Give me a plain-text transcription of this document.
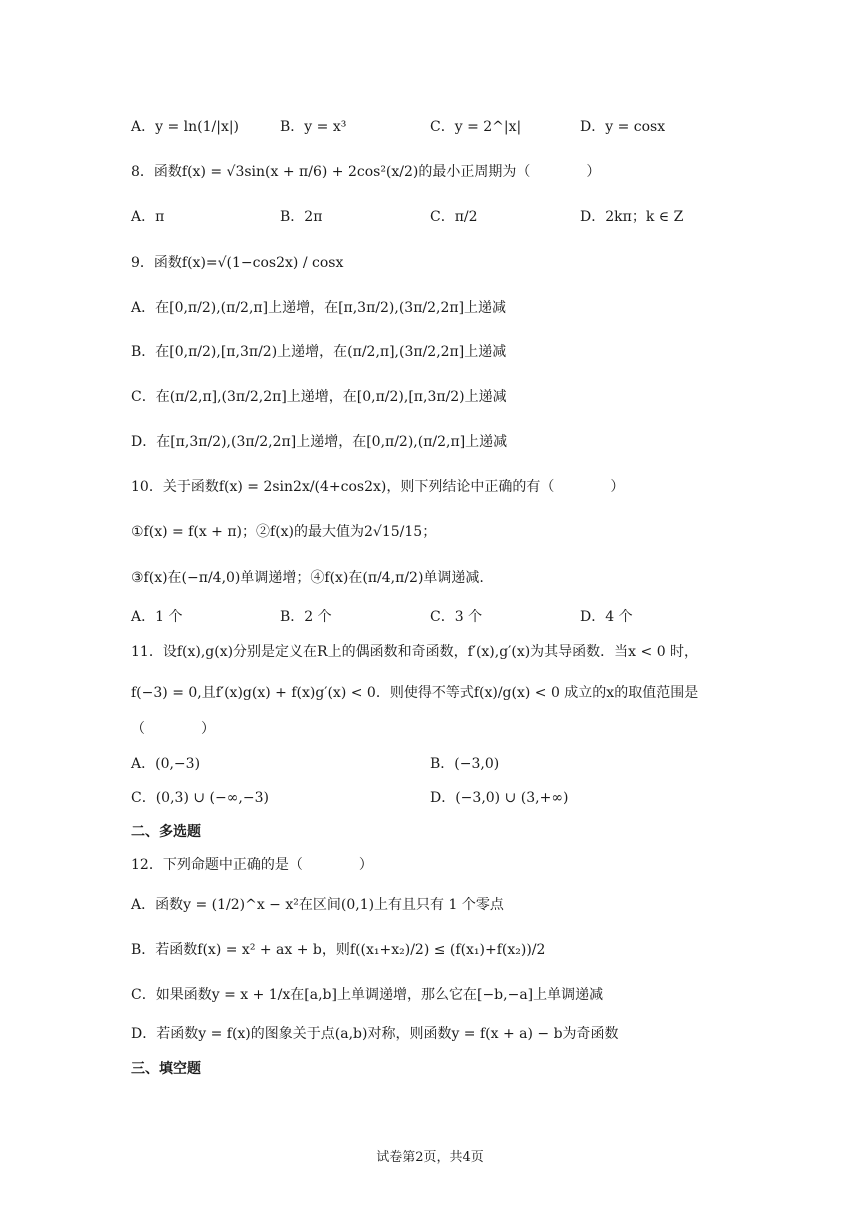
A．y = ln(1/|x|)	B．y = x³	C．y = 2^|x|	D．y = cosx
8．函数f(x) = √3sin(x + π/6) + 2cos²(x/2)的最小正周期为（　　　　）
A．π	B．2π	C．π/2	D．2kπ；k ∈ Z
9．函数f(x)=√(1−cos2x) / cosx
A．在[0,π/2),(π/2,π]上递增，在[π,3π/2),(3π/2,2π]上递减
B．在[0,π/2),[π,3π/2)上递增，在(π/2,π],(3π/2,2π]上递减
C．在(π/2,π],(3π/2,2π]上递增，在[0,π/2),[π,3π/2)上递减
D．在[π,3π/2),(3π/2,2π]上递增，在[0,π/2),(π/2,π]上递减
10．关于函数f(x) = 2sin2x/(4+cos2x)，则下列结论中正确的有（　　　　）
①f(x) = f(x + π)；②f(x)的最大值为2√15/15；
③f(x)在(−π/4,0)单调递增；④f(x)在(π/4,π/2)单调递减.
A．1 个	B．2 个	C．3 个	D．4 个
11．设f(x),g(x)分别是定义在R上的偶函数和奇函数，f′(x),g′(x)为其导函数．当x < 0 时，
f(−3) = 0,且f′(x)g(x) + f(x)g′(x) < 0．则使得不等式f(x)/g(x) < 0 成立的x的取值范围是
（　　　　）
A．(0,−3)	B．(−3,0)
C．(0,3) ∪ (−∞,−3)	D．(−3,0) ∪ (3,+∞)
二、多选题
12．下列命题中正确的是（　　　　）
A．函数y = (1/2)^x − x²在区间(0,1)上有且只有 1 个零点
B．若函数f(x) = x² + ax + b，则f((x₁+x₂)/2) ≤ (f(x₁)+f(x₂))/2
C．如果函数y = x + 1/x在[a,b]上单调递增，那么它在[−b,−a]上单调递减
D．若函数y = f(x)的图象关于点(a,b)对称，则函数y = f(x + a) − b为奇函数
三、填空题
试卷第2页，共4页
